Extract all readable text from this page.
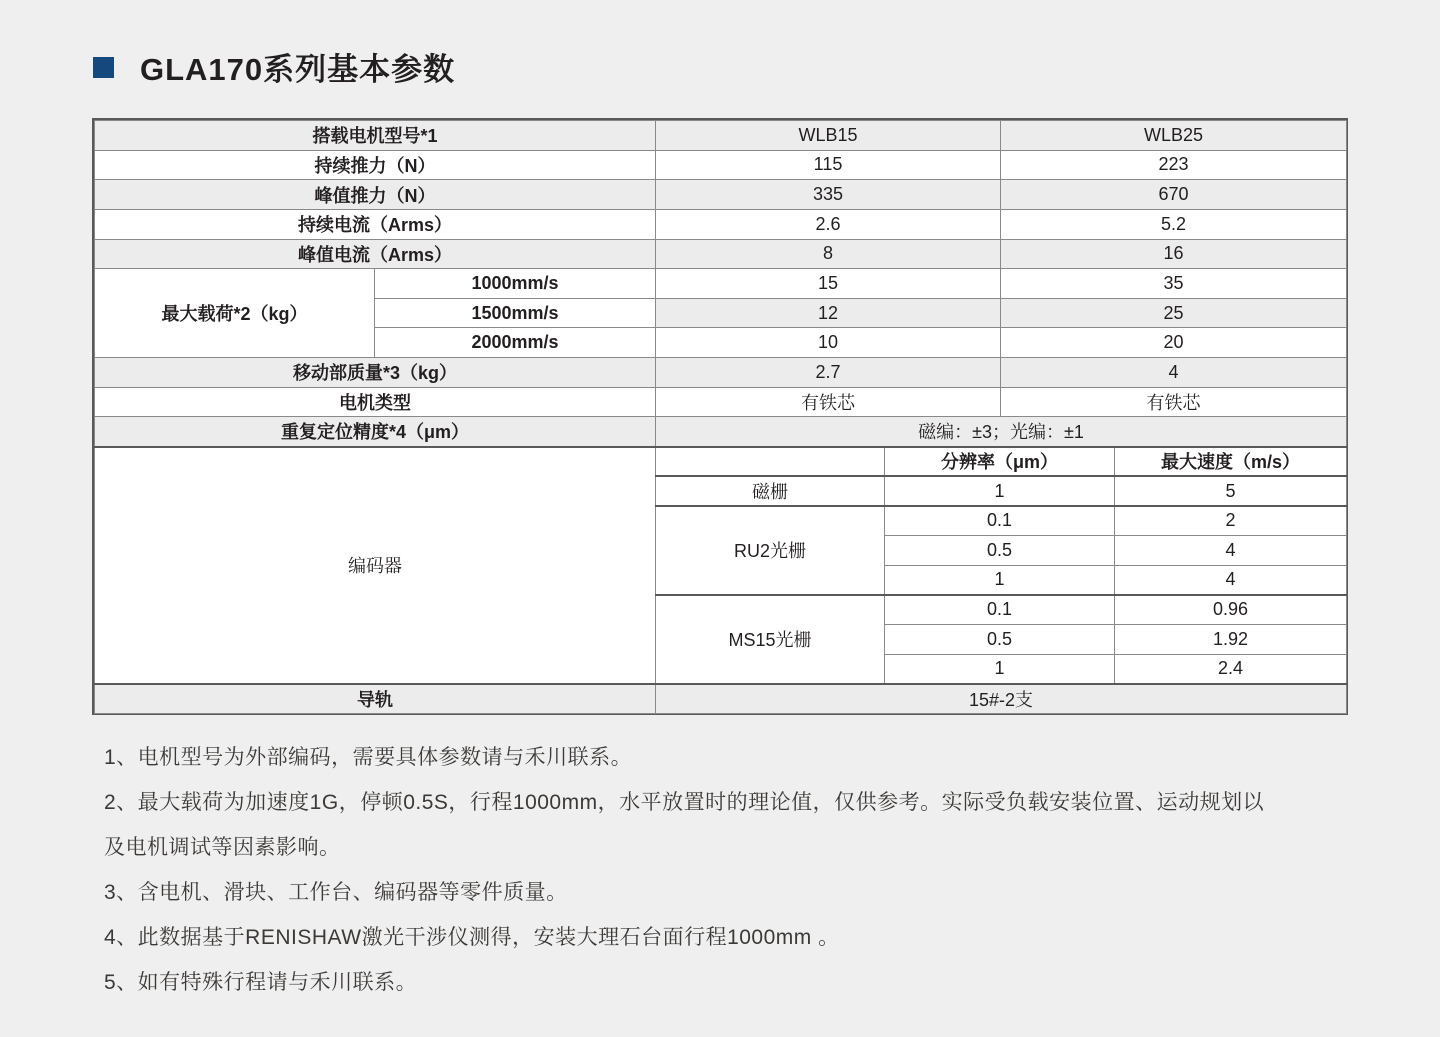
GLA170系列基本参数
搭载电机型号*1		WLB15		WLB25	
持续推力（N）		115		223	
峰值推力（N）		335		670	
持续电流（Arms）		2.6		5.2	
峰值电流（Arms）		8		16	
最大载荷*2（kg）	1000mm/s	15		35	
	1500mm/s	12		25	
	2000mm/s	10		20	
移动部质量*3（kg）		2.7		4	
电机类型		有铁芯		有铁芯	
重复定位精度*4（μm）		磁编：±3；光编：±1			
编码器			分辨率（μm）		最大速度（m/s）
		磁栅	1		5
		RU2光栅	0.1		2
			0.5		4
			1		4
		MS15光栅	0.1		0.96
			0.5		1.92
			1		2.4
导轨		15#-2支			
1、电机型号为外部编码，需要具体参数请与禾川联系。
2、最大载荷为加速度1G，停顿0.5S，行程1000mm，水平放置时的理论值，仅供参考。实际受负载安装位置、运动规划以
及电机调试等因素影响。
3、含电机、滑块、工作台、编码器等零件质量。
4、此数据基于RENISHAW激光干涉仪测得，安装大理石台面行程1000mm 。
5、如有特殊行程请与禾川联系。
